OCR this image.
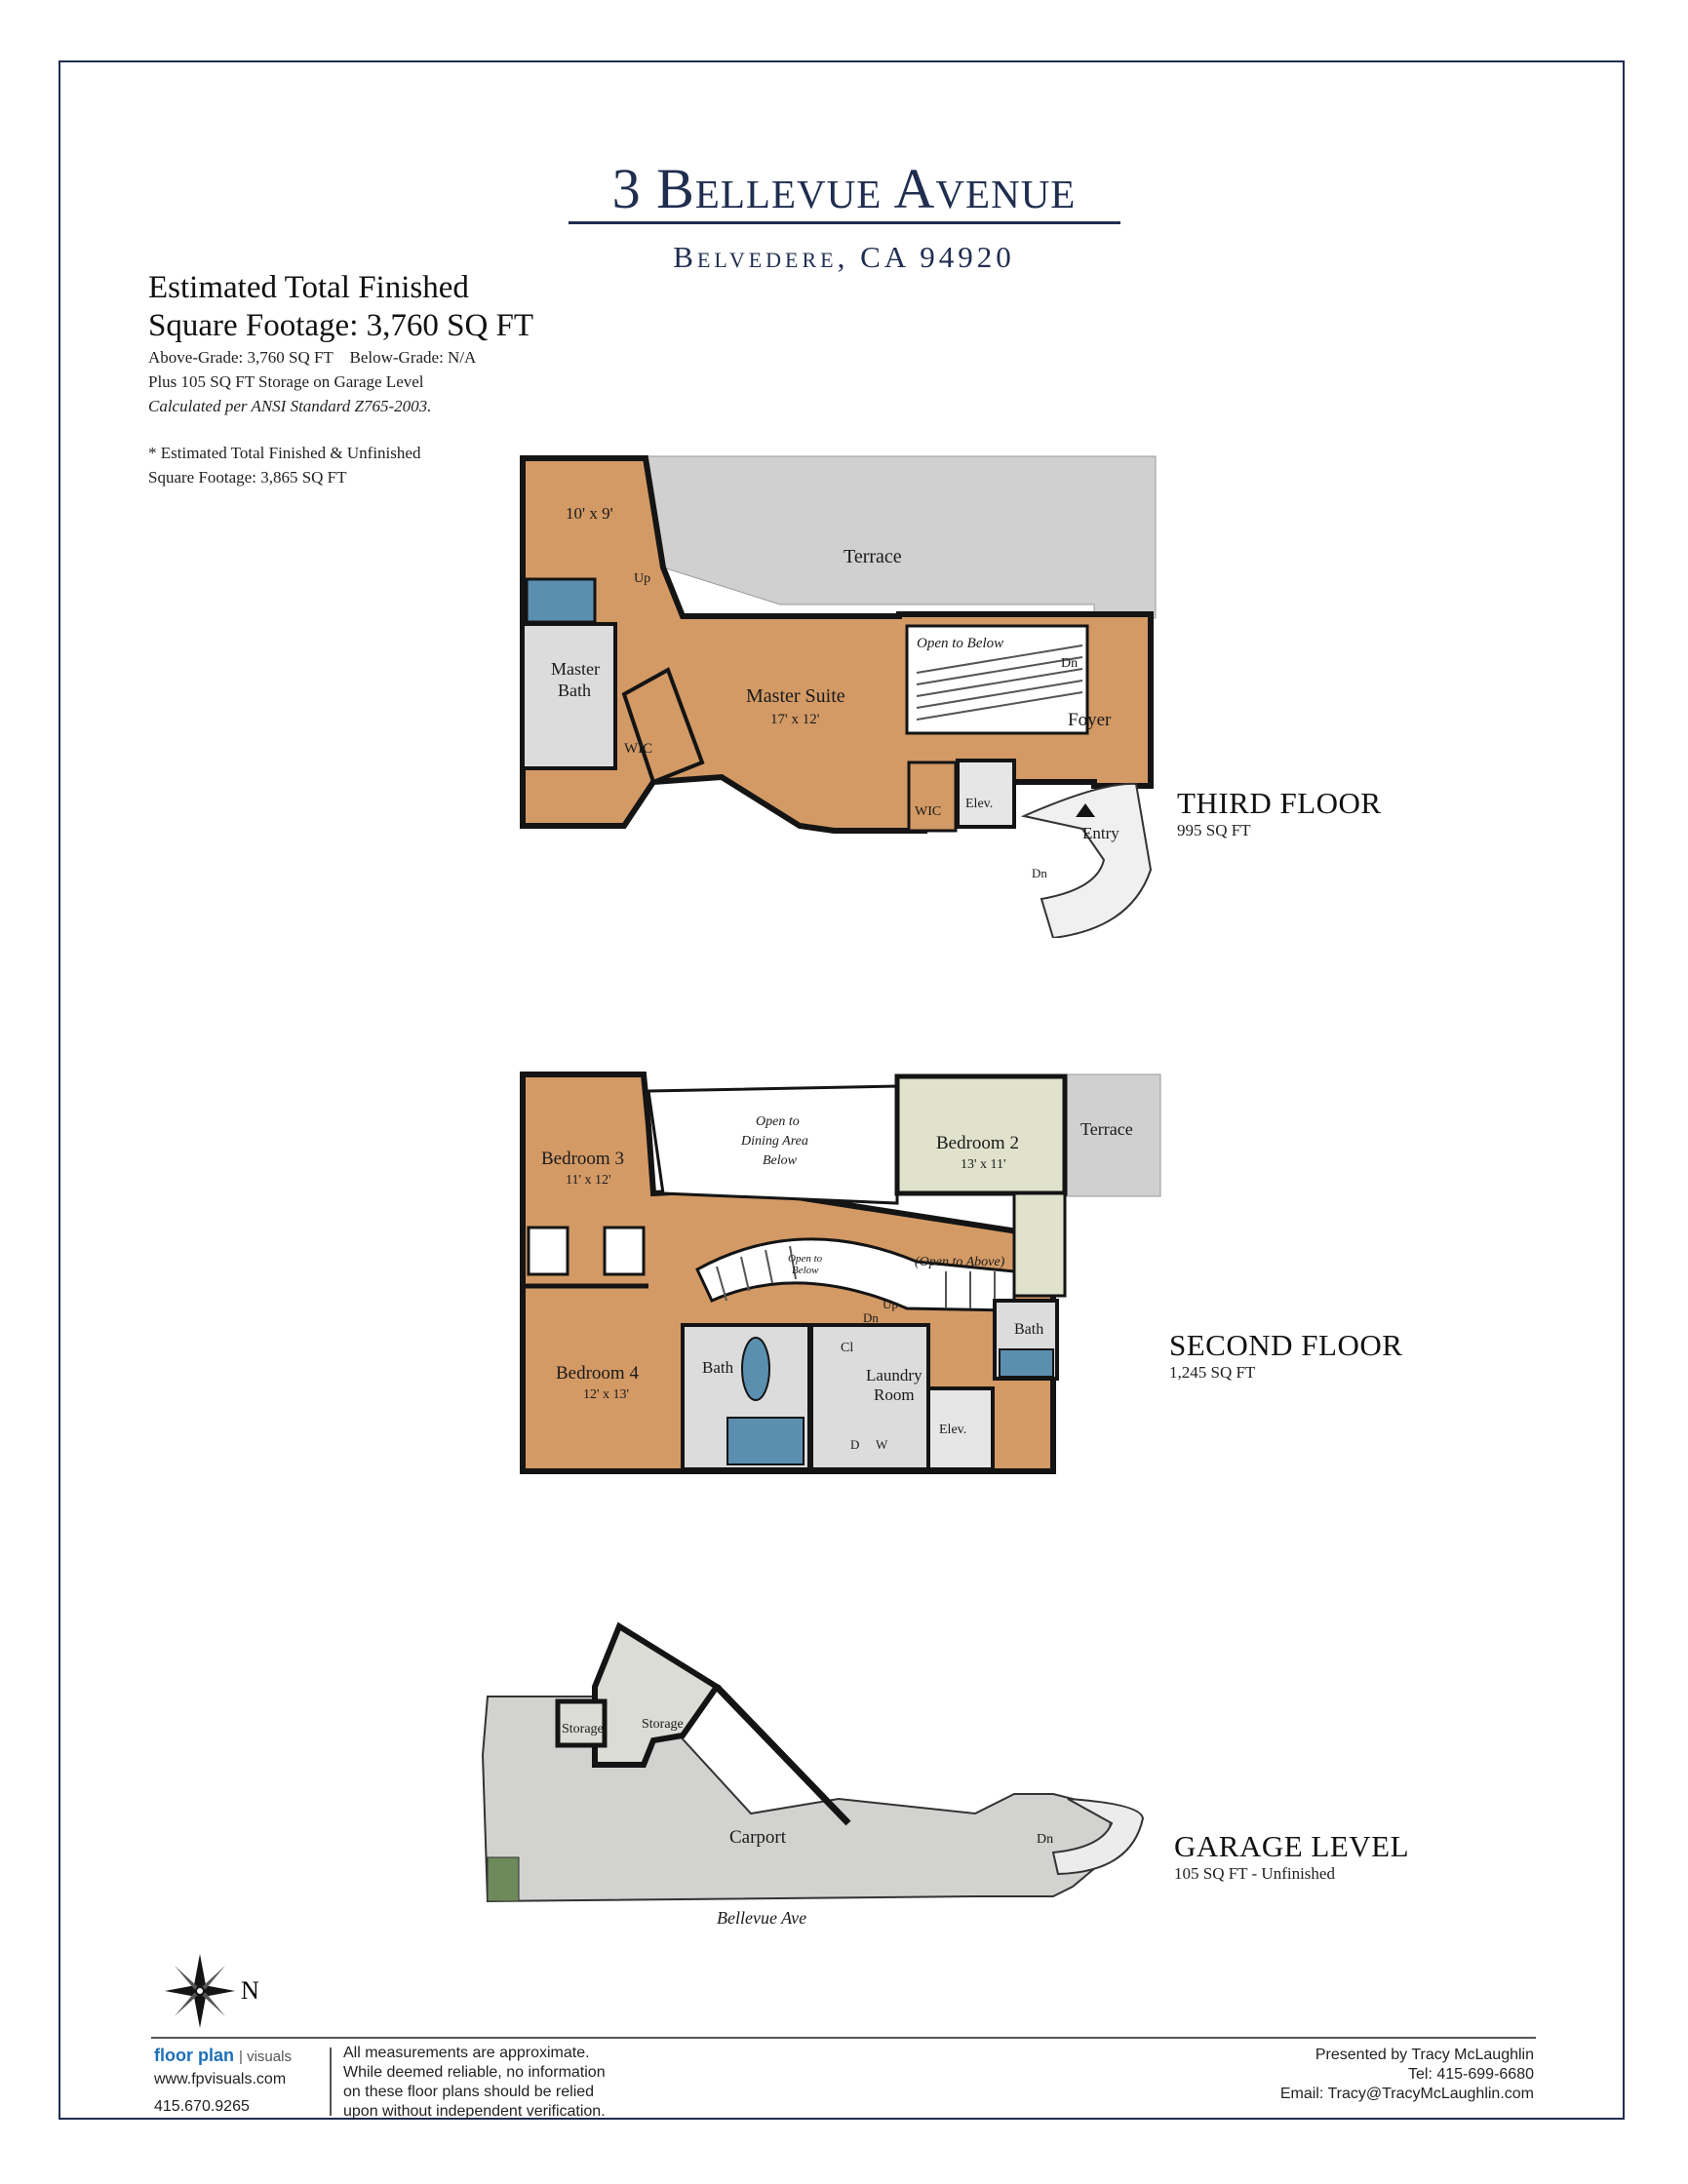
3 Bellevue Avenue
Belvedere, CA 94920
Estimated Total Finished
Square Footage: 3,760 SQ FT
Above-Grade: 3,760 SQ FT    Below-Grade: N/A
Plus 105 SQ FT Storage on Garage Level
Calculated per ANSI Standard Z765-2003.
* Estimated Total Finished & Unfinished
Square Footage: 3,865 SQ FT
10' x 9'
Terrace
Up
Open to Below
Dn
Master
Bath	Master Suite
17' x 12'	Foyer
WIC
WIC
Elev.
Entry
Dn
THIRD FLOOR
995 SQ FT
Bedroom 3
11' x 12'
Open to
Dining Area
Below
Bedroom 2
13' x 11'
Terrace
Open to
Below
(Open to Above)
Up
Dn
Bedroom 4
12' x 13'
Bath
Cl
Laundry
Room
D W
Elev.
Bath	SECOND FLOOR
1,245 SQ FT
Storage	Storage
Carport	Dn
Bellevue Ave
GARAGE LEVEL
105 SQ FT - Unfinished
N
floor plan | visuals
www.fpvisuals.com
415.670.9265
All measurements are approximate.
While deemed reliable, no information
on these floor plans should be relied
upon without independent verification.
Presented by Tracy McLaughlin
Tel: 415-699-6680
Email: Tracy@TracyMcLaughlin.com
